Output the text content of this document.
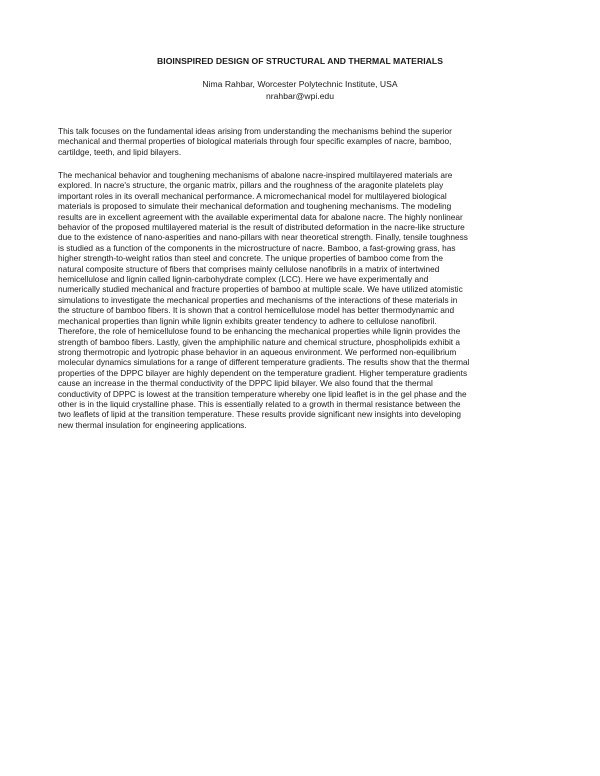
BIOINSPIRED DESIGN OF STRUCTURAL AND THERMAL MATERIALS
Nima Rahbar, Worcester Polytechnic Institute, USA
nrahbar@wpi.edu

This talk focuses on the fundamental ideas arising from understanding the mechanisms behind the superior
mechanical and thermal properties of biological materials through four specific examples of nacre, bamboo,
cartildge, teeth, and lipid bilayers.

The mechanical behavior and toughening mechanisms of abalone nacre-inspired multilayered materials are
explored. In nacre's structure, the organic matrix, pillars and the roughness of the aragonite platelets play
important roles in its overall mechanical performance. A micromechanical model for multilayered biological
materials is proposed to simulate their mechanical deformation and toughening mechanisms. The modeling
results are in excellent agreement with the available experimental data for abalone nacre. The highly nonlinear
behavior of the proposed multilayered material is the result of distributed deformation in the nacre-like structure
due to the existence of nano-asperities and nano-pillars with near theoretical strength. Finally, tensile toughness
is studied as a function of the components in the microstructure of nacre. Bamboo, a fast-growing grass, has
higher strength-to-weight ratios than steel and concrete. The unique properties of bamboo come from the
natural composite structure of fibers that comprises mainly cellulose nanofibrils in a matrix of intertwined
hemicellulose and lignin called lignin-carbohydrate complex (LCC). Here we have experimentally and
numerically studied mechanical and fracture properties of bamboo at multiple scale. We have utilized atomistic
simulations to investigate the mechanical properties and mechanisms of the interactions of these materials in
the structure of bamboo fibers. It is shown that a control hemicellulose model has better thermodynamic and
mechanical properties than lignin while lignin exhibits greater tendency to adhere to cellulose nanofibril.
Therefore, the role of hemicellulose found to be enhancing the mechanical properties while lignin provides the
strength of bamboo fibers. Lastly, given the amphiphilic nature and chemical structure, phospholipids exhibit a
strong thermotropic and lyotropic phase behavior in an aqueous environment. We performed non-equilibrium
molecular dynamics simulations for a range of different temperature gradients. The results show that the thermal
properties of the DPPC bilayer are highly dependent on the temperature gradient. Higher temperature gradients
cause an increase in the thermal conductivity of the DPPC lipid bilayer. We also found that the thermal
conductivity of DPPC is lowest at the transition temperature whereby one lipid leaflet is in the gel phase and the
other is in the liquid crystalline phase. This is essentially related to a growth in thermal resistance between the
two leaflets of lipid at the transition temperature. These results provide significant new insights into developing
new thermal insulation for engineering applications.
